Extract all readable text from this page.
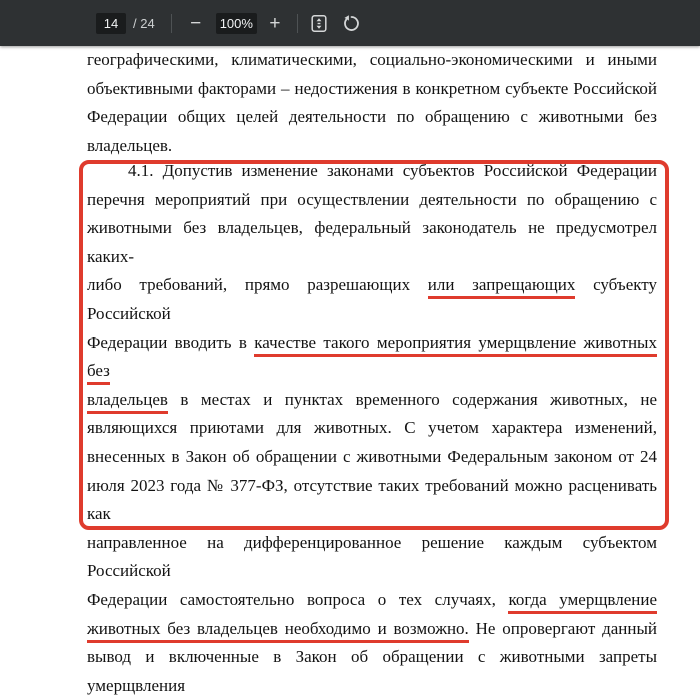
14
/ 24 −	100% +
географическими, климатическими, социально-экономическими и иными
объективными факторами – недостижения в конкретном субъекте Российской
Федерации общих целей деятельности по обращению с животными без
владельцев.
4.1. Допустив изменение законами субъектов Российской Федерации
перечня мероприятий при осуществлении деятельности по обращению с
животными без владельцев, федеральный законодатель не предусмотрел каких-
либо требований, прямо разрешающих или запрещающих субъекту Российской
Федерации вводить в качестве такого мероприятия умерщвление животных без
владельцев в местах и пунктах временного содержания животных, не
являющихся приютами для животных. С учетом характера изменений,
внесенных в Закон об обращении с животными Федеральным законом от 24
июля 2023 года № 377-ФЗ, отсутствие таких требований можно расценивать как
направленное на дифференцированное решение каждым субъектом Российской
Федерации самостоятельно вопроса о тех случаях, когда умерщвление
животных без владельцев необходимо и возможно. Не опровергают данный
вывод и включенные в Закон об обращении с животными запреты умерщвления
